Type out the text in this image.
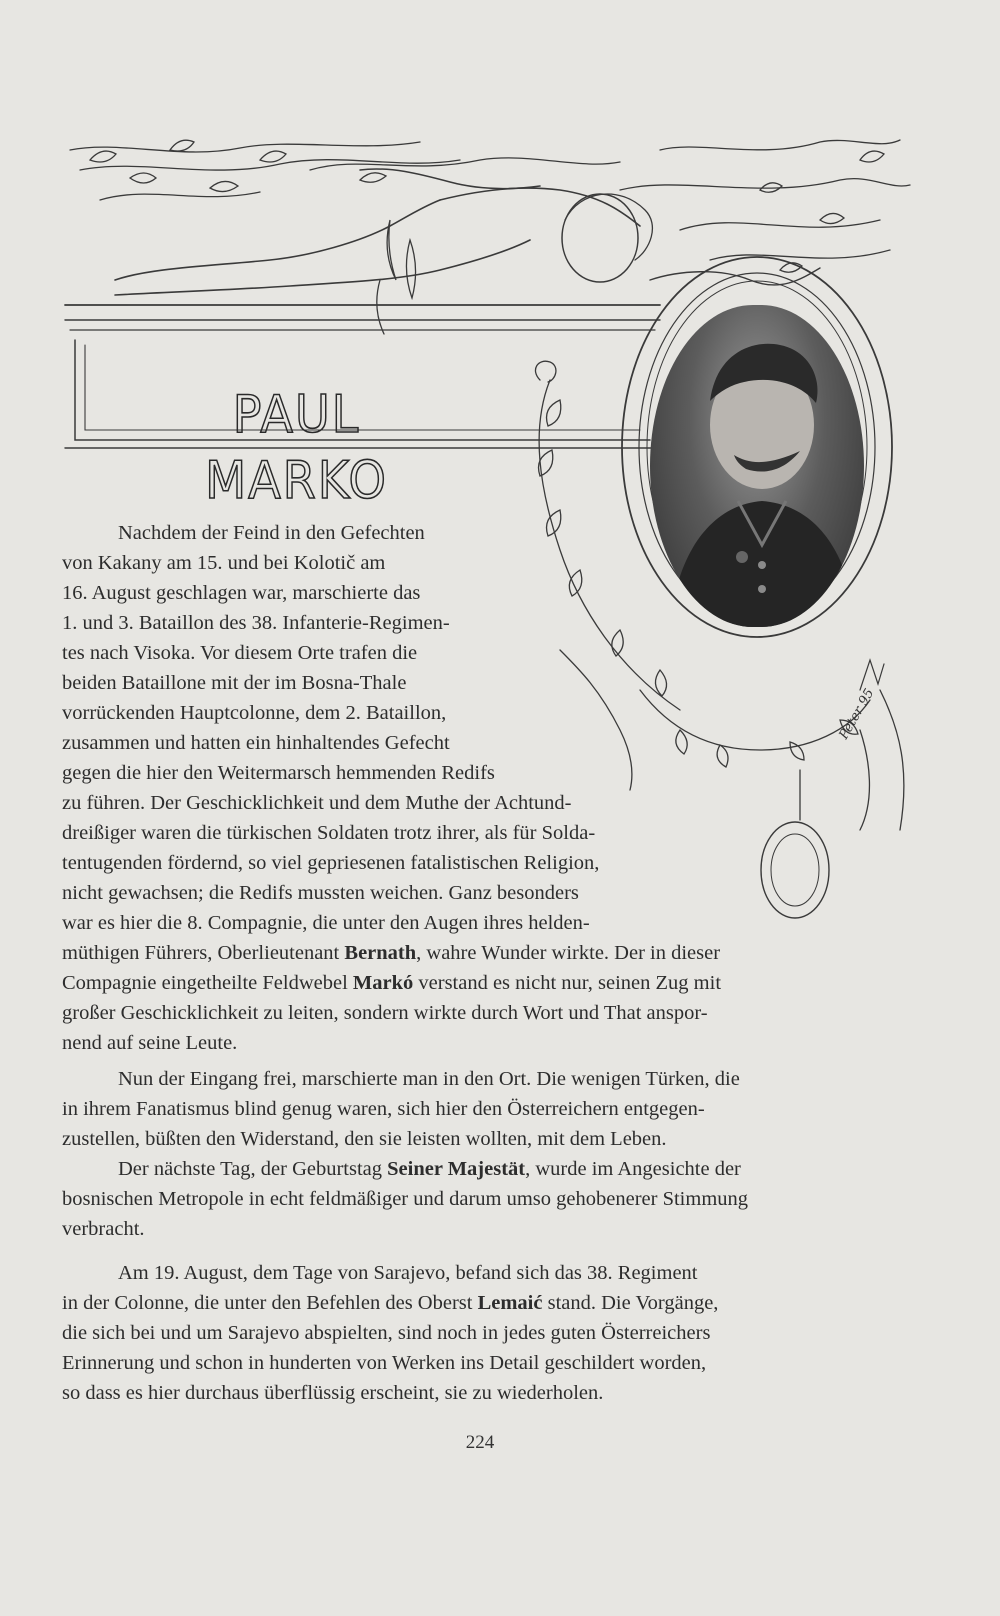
Peter 95
PAUL MARKO
Nachdem der Feind in den Gefechten
von Kakany am 15. und bei Kolotič am
16. August geschlagen war, marschierte das
1. und 3. Bataillon des 38. Infanterie-Regimen-
tes nach Visoka. Vor diesem Orte trafen die
beiden Bataillone mit der im Bosna-Thale
vorrückenden Hauptcolonne, dem 2. Bataillon,
zusammen und hatten ein hinhaltendes Gefecht
gegen die hier den Weitermarsch hemmenden Redifs
zu führen. Der Geschicklichkeit und dem Muthe der Achtund-
dreißiger waren die türkischen Soldaten trotz ihrer, als für Solda-
tentugenden fördernd, so viel gepriesenen fatalistischen Religion,
nicht gewachsen; die Redifs mussten weichen. Ganz besonders
war es hier die 8. Compagnie, die unter den Augen ihres helden-
müthigen Führers, Oberlieutenant Bernath, wahre Wunder wirkte. Der in dieser
Compagnie eingetheilte Feldwebel Markó verstand es nicht nur, seinen Zug mit
großer Geschicklichkeit zu leiten, sondern wirkte durch Wort und That anspor-
nend auf seine Leute.
Nun der Eingang frei, marschierte man in den Ort. Die wenigen Türken, die
in ihrem Fanatismus blind genug waren, sich hier den Österreichern entgegen-
zustellen, büßten den Widerstand, den sie leisten wollten, mit dem Leben.
Der nächste Tag, der Geburtstag Seiner Majestät, wurde im Angesichte der
bosnischen Metropole in echt feldmäßiger und darum umso gehobenerer Stimmung
verbracht.
Am 19. August, dem Tage von Sarajevo, befand sich das 38. Regiment
in der Colonne, die unter den Befehlen des Oberst Lemaić stand. Die Vorgänge,
die sich bei und um Sarajevo abspielten, sind noch in jedes guten Österreichers
Erinnerung und schon in hunderten von Werken ins Detail geschildert worden,
so dass es hier durchaus überflüssig erscheint, sie zu wiederholen.
224
